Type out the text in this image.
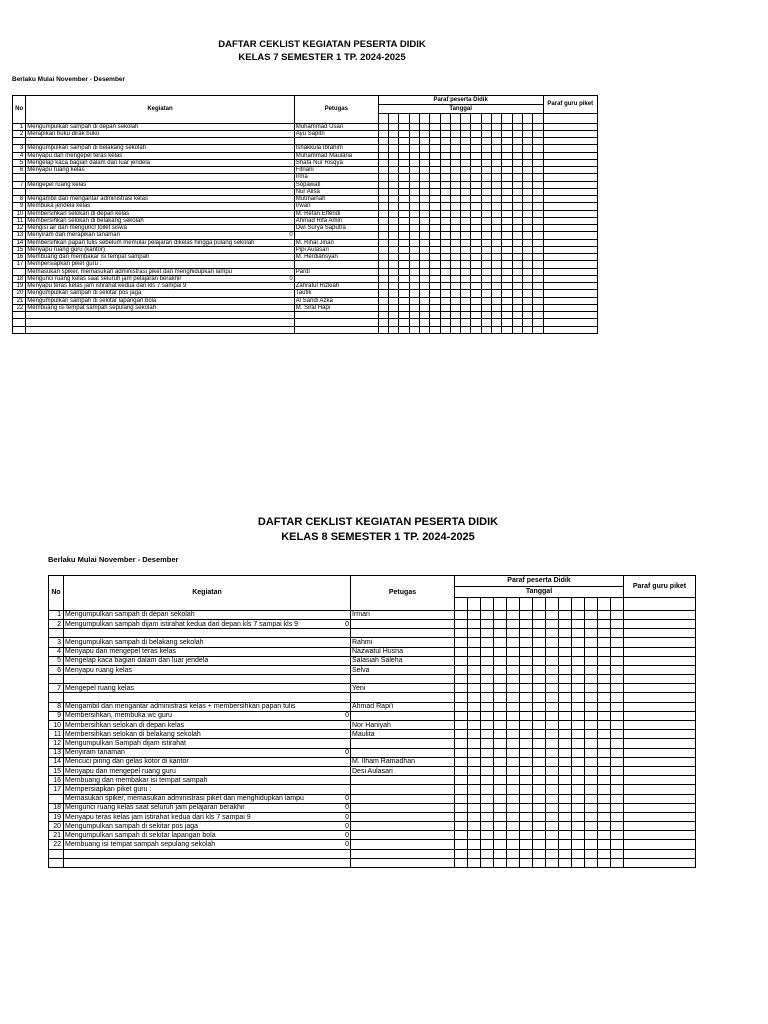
DAFTAR CEKLIST KEGIATAN PESERTA DIDIK
KELAS 7 SEMESTER 1 TP. 2024-2025
Berlaku Mulai November - Desember
No	Kegiatan	Petugas	Paraf peserta Didik																Paraf guru piket
			Tanggal																

1	Mengumpulkan sampah di depan sekolah	Muhammad Usari																	
2	Merapikan buku dirak buku	Ayu Sapitri																	

3	Mengumpulkan sampah di belakang sekolah	Ishakkula Ibrahim																	
4	Menyapu dan mengepel teras kelas	Muhammad Maulana																	
5	Mengelap kaca bagian dalam dan luar jendela	Shafa Nur Risqya																	
6	Menyapu ruang kelas	Fitriani																	
		Irma																	
7	Mengepel ruang kelas	Sopawati																	
		Nur Alisa																	
8	Mengambil dan mengantar administrasi kelas	Mutmainah																	
9	Membuka jendela kelas	Irwan																	
10	Membersihkan selokan di depan kelas	M. Refan Effendi																	
11	Membersihkan selokan di belakang sekolah	Ahmad Rifa Amin																	
12	Mengisi air dan menguncI toilet siswa	Dwi Surya Saputra																	
13	Menyiram dan merapikan tanaman 0																		

14	Membersihkan papan tulis sebelum memulai pelajaran dikelas hingga pulang sekolah	M. Rihal Jinan																	
15	Menyapu ruang guru (kantor)	Pipi Aulasari																	
16	Membuang dan membakar isi tempat sampah	M. Herdiansyah																	
17	Mempersiapkan piket guru :																		
	Memasukan spiker, memasukan administrasi piket dan menghidupkan lampu	Pardi																	
18	Mengunci ruang kelas saat seluruh jam pelajaran berakhir 0																		

19	Menyapu teras kelas jam istirahat kedua dari kls 7 sampai 9	Zahratul Rizkiah																	
20	Mengumpulkan sampah di sekitar pos jaga	Taufik																	
21	Mengumpulkan sampah di sekitar lapangan bola	Al Sandi Azka																	
22	Membuang isi tempat sampah sepulang sekolah	M. Siral Hapi																	

DAFTAR CEKLIST KEGIATAN PESERTA DIDIK
KELAS 8 SEMESTER 1 TP. 2024-2025
Berlaku Mulai November - Desember
No	Kegiatan	Petugas	Paraf peserta Didik													Paraf guru piket
			Tanggal													

1	Mengumpulkan sampah di depan sekolah	Irman														
2	Mengumpulkan sampah dijam istirahat kedua dari depan kls 7 sampai kls 9 0															

3	Mengumpulkan sampah di belakang sekolah	Rahmi														
4	Menyapu dan mengepel teras kelas	Nazwatul Husna														
5	Mengelap kaca bagian dalam dan luar jendela	Salasiah Saleha														
6	Menyapu ruang kelas	Selva														

7	Mengepel ruang kelas	Yeni														

8	Mengambil dan mengantar administrasi kelas + membersihkan papan tulis	Ahmad Rapi'i														
9	Membersihkan, membuka wc guru 0															

10	Membersihkan selokan di depan kelas	Nor Haniyah														
11	Membersihkan selokan di belakang sekolah	Maulita														
12	Mengumpulkan Sampah dijam istirahat															
13	Menyiram tanaman 0															

14	Mencuci piring dan gelas kotor di kantor	M. Ilham Ramadhan														
15	Menyapu dan mengepel ruang guru	Desi Aulasari														
16	Membuang dan membakar isi tempat sampah															
17	Mempersiapkan piket guru :															

	Memasukan spiker, memasukan administrasi piket dan menghidupkan lampu 0															

18	Mengunci ruang kelas saat seluruh jam pelajaran berakhir 0															

19	Menyapu teras kelas jam istirahat kedua dari kls 7 sampai 9 0															

20	Mengumpulkan sampah di sekitar pos jaga 0															

21	Mengumpulkan sampah di sekitar lapangan bola 0															

22	Membuang isi tempat sampah sepulang sekolah 0															
